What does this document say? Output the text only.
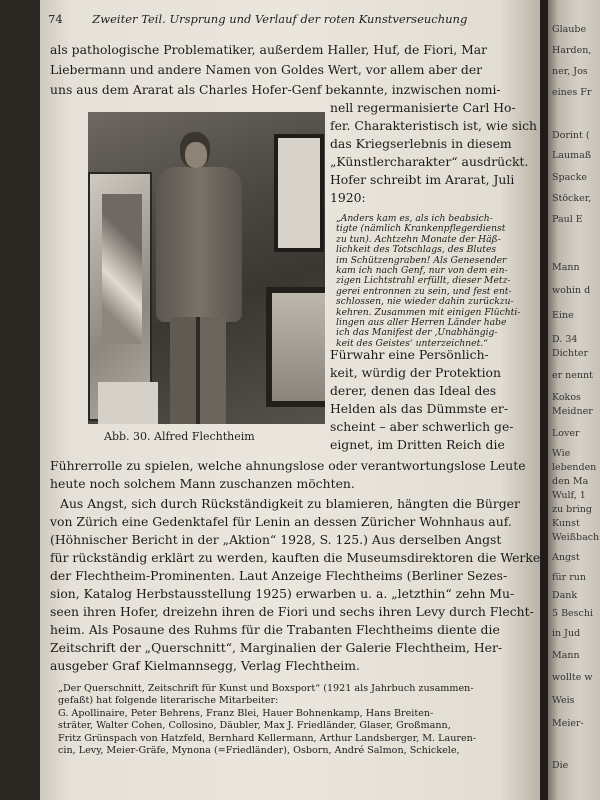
Glaube
Harden,
ner, Jos
eines Fr
Dorint (
Laumaß
Spacke
Stöcker,
Paul E
Mann
wohin d
Eine
D. 34
Dichter
er nennt
Kokos
Meidner
Lover
Wie
lebenden
den Ma
Wulf, 1
zu bring
Kunst
Weißbach
Angst
für run
Dank
5 Beschi
in Jud
Mann
wollte w
Weis
Meier-
Die
74	Zweiter Teil. Ursprung und Verlauf der roten Kunstverseuchung
als pathologische Problematiker, außerdem Haller, Huf, de Fiori, Mar
Liebermann und andere Namen von Goldes Wert, vor allem aber der
uns aus dem Ararat als Charles Hofer-Genf bekannte, inzwischen nomi-
Abb. 30. Alfred Flechtheim
nell regermanisierte Carl Ho-
fer. Charakteristisch ist, wie sich
das Kriegserlebnis in diesem
„Künstlercharakter“ ausdrückt.
Hofer schreibt im Ararat, Juli
1920:
„Anders kam es, als ich beabsich-
tigte (nämlich Krankenpflegerdienst
zu tun). Achtzehn Monate der Häß-
lichkeit des Totschlags, des Blutes
im Schützengraben! Als Genesender
kam ich nach Genf, nur von dem ein-
zigen Lichtstrahl erfüllt, dieser Metz-
gerei entronnen zu sein, und fest ent-
schlossen, nie wieder dahin zurückzu-
kehren. Zusammen mit einigen Flüchti-
lingen aus aller Herren Länder habe
ich das Manifest der ‚Unabhängig-
keit des Geistes‘ unterzeichnet.“
Fürwahr eine Persönlich-
keit, würdig der Protektion
derer, denen das Ideal des
Helden als das Dümmste er-
scheint – aber schwerlich ge-
eignet, im Dritten Reich die
Führerrolle zu spielen, welche ahnungslose oder verantwortungslose Leute
heute noch solchem Mann zuschanzen möchten.
Aus Angst, sich durch Rückständigkeit zu blamieren, hängten die Bürger
von Zürich eine Gedenktafel für Lenin an dessen Züricher Wohnhaus auf.
(Höhnischer Bericht in der „Aktion“ 1928, S. 125.) Aus derselben Angst
für rückständig erklärt zu werden, kauften die Museumsdirektoren die Werke
der Flechtheim-Prominenten. Laut Anzeige Flechtheims (Berliner Sezes-
sion, Katalog Herbstausstellung 1925) erwarben u. a. „letzthin“ zehn Mu-
seen ihren Hofer, dreizehn ihren de Fiori und sechs ihren Levy durch Flecht-
heim. Als Posaune des Ruhms für die Trabanten Flechtheims diente die
Zeitschrift der „Querschnitt“, Marginalien der Galerie Flechtheim, Her-
ausgeber Graf Kielmannsegg, Verlag Flechtheim.
„Der Querschnitt, Zeitschrift für Kunst und Boxsport“ (1921 als Jahrbuch zusammen-
gefaßt) hat folgende literarische Mitarbeiter:
G. Apollinaire, Peter Behrens, Franz Blei, Hauer Bohnenkamp, Hans Breiten-
sträter, Walter Cohen, Collosino, Däubler, Max J. Friedländer, Glaser, Großmann,
Fritz Grünspach von Hatzfeld, Bernhard Kellermann, Arthur Landsberger, M. Lauren-
cin, Levy, Meier-Gräfe, Mynona (=Friedländer), Osborn, André Salmon, Schickele,
